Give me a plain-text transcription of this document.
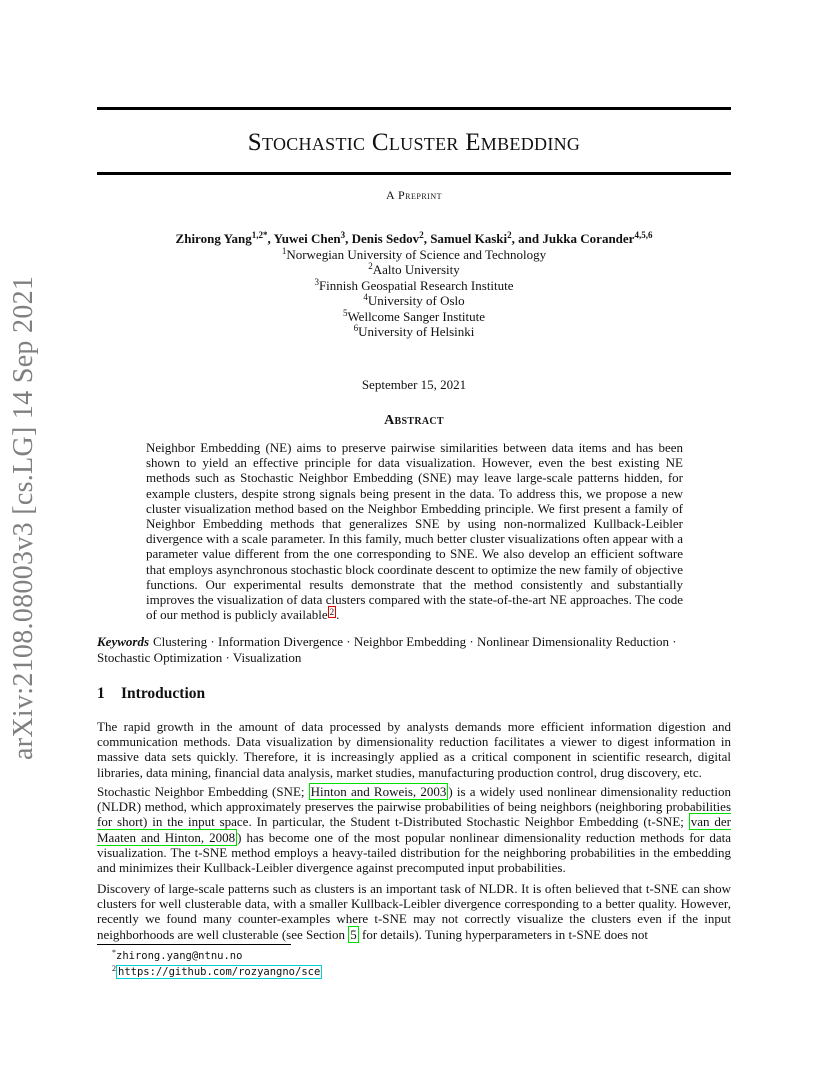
arXiv:2108.08003v3 [cs.LG] 14 Sep 2021
Stochastic Cluster Embedding
A Preprint
Zhirong Yang$^{1,2*}$, Yuwei Chen$^3$, Denis Sedov$^2$, Samuel Kaski$^2$, and Jukka Corander$^{4,5,6}$
$^1$Norwegian University of Science and Technology
$^2$Aalto University
$^3$Finnish Geospatial Research Institute
$^4$University of Oslo
$^5$Wellcome Sanger Institute
$^6$University of Helsinki
September 15, 2021
Abstract
Neighbor Embedding (NE) aims to preserve pairwise similarities between data items and has been shown to yield an effective principle for data visualization. However, even the best existing NE methods such as Stochastic Neighbor Embedding (SNE) may leave large-scale patterns hidden, for example clusters, despite strong signals being present in the data. To address this, we propose a new cluster visualization method based on the Neighbor Embedding principle. We first present a family of Neighbor Embedding methods that generalizes SNE by using non-normalized Kullback-Leibler divergence with a scale parameter. In this family, much better cluster visualizations often appear with a parameter value different from the one corresponding to SNE. We also develop an efficient software that employs asynchronous stochastic block coordinate descent to optimize the new family of objective functions. Our experimental results demonstrate that the method consistently and substantially improves the visualization of data clusters compared with the state-of-the-art NE approaches. The code of our method is publicly available $^2$ .
Keywords Clustering · Information Divergence · Neighbor Embedding · Nonlinear Dimensionality Reduction · Stochastic Optimization · Visualization
1 Introduction
The rapid growth in the amount of data processed by analysts demands more efficient information digestion and communication methods. Data visualization by dimensionality reduction facilitates a viewer to digest information in massive data sets quickly. Therefore, it is increasingly applied as a critical component in scientific research, digital libraries, data mining, financial data analysis, market studies, manufacturing production control, drug discovery, etc.
Stochastic Neighbor Embedding (SNE; Hinton and Roweis, 2003 ) is a widely used nonlinear dimensionality reduction (NLDR) method, which approximately preserves the pairwise probabilities of being neighbors (neighboring probabilities for short) in the input space. In particular, the Student t-Distributed Stochastic Neighbor Embedding (t-SNE; van der Maaten and Hinton, 2008 ) has become one of the most popular nonlinear dimensionality reduction methods for data visualization. The t-SNE method employs a heavy-tailed distribution for the neighboring probabilities in the embedding and minimizes their Kullback-Leibler divergence against precomputed input probabilities.
Discovery of large-scale patterns such as clusters is an important task of NLDR. It is often believed that t-SNE can show clusters for well clusterable data, with a smaller Kullback-Leibler divergence corresponding to a better quality. However, recently we found many counter-examples where t-SNE may not correctly visualize the clusters even if the input neighborhoods are well clusterable (see Section 5 for details). Tuning hyperparameters in t-SNE does not
*zhirong.yang@ntnu.no
$^2$ https://github.com/rozyangno/sce
